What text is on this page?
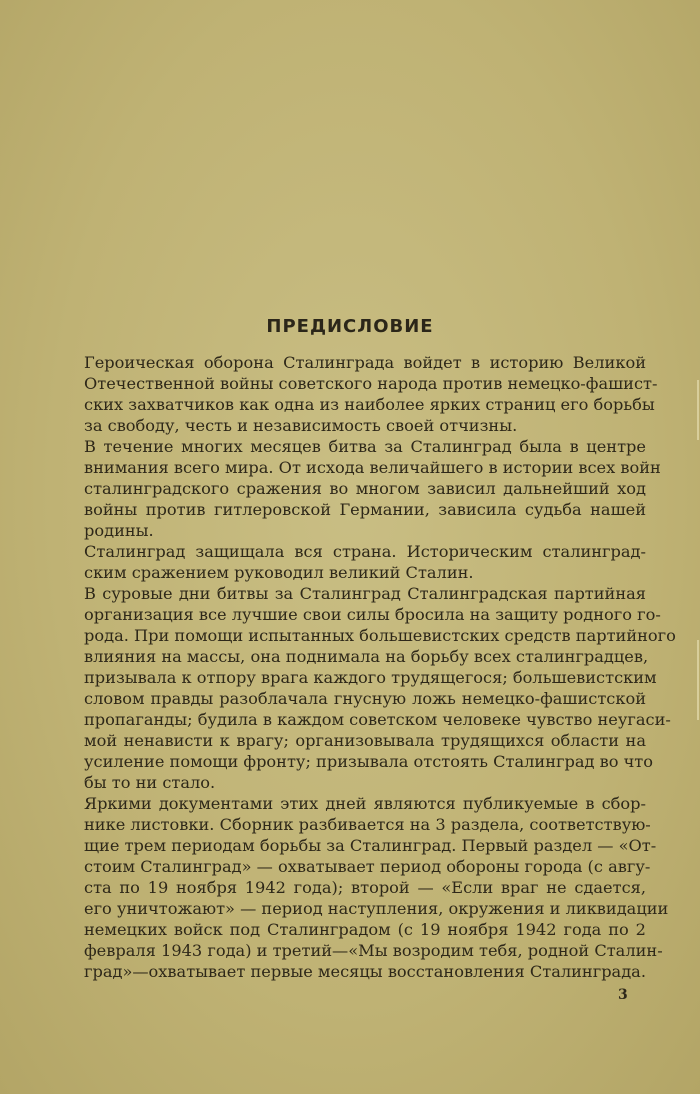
ПРЕДИСЛОВИЕ
Героическая оборона Сталинграда войдет в историю Великой
Отечественной войны советского народа против немецко-фашист-
ских захватчиков как одна из наиболее ярких страниц его борьбы
за свободу, честь и независимость своей отчизны.
В течение многих месяцев битва за Сталинград была в центре
внимания всего мира. От исхода величайшего в истории всех войн
сталинградского сражения во многом зависил дальнейший ход
войны против гитлеровской Германии, зависила судьба нашей
родины.
Сталинград защищала вся страна. Историческим сталинград-
ским сражением руководил великий Сталин.
В суровые дни битвы за Сталинград Сталинградская партийная
организация все лучшие свои силы бросила на защиту родного го-
рода. При помощи испытанных большевистских средств партийного
влияния на массы, она поднимала на борьбу всех сталинградцев,
призывала к отпору врага каждого трудящегося; большевистским
словом правды разоблачала гнусную ложь немецко-фашистской
пропаганды; будила в каждом советском человеке чувство неугаси-
мой ненависти к врагу; организовывала трудящихся области на
усиление помощи фронту; призывала отстоять Сталинград во что
бы то ни стало.
Яркими документами этих дней являются публикуемые в сбор-
нике листовки. Сборник разбивается на 3 раздела, соответствую-
щие трем периодам борьбы за Сталинград. Первый раздел — «От-
стоим Сталинград» — охватывает период обороны города (с авгу-
ста по 19 ноября 1942 года); второй — «Если враг не сдается,
его уничтожают» — период наступления, окружения и ликвидации
немецких войск под Сталинградом (с 19 ноября 1942 года по 2
февраля 1943 года) и третий—«Мы возродим тебя, родной Сталин-
град»—охватывает первые месяцы восстановления Сталинграда.
3
